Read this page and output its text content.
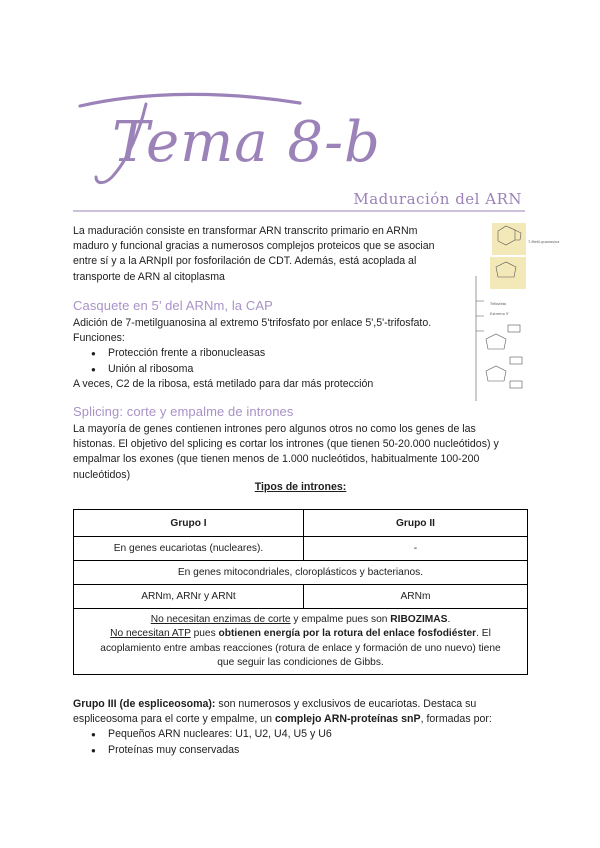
Tema 8-b
Maduración del ARN

La maduración consiste en transformar ARN transcrito primario en ARNm

maduro y funcional gracias a numerosos complejos proteicos que se asocian

entre sí y a la ARNpII por fosforilación de CDT. Además, está acoplada al

transporte de ARN al citoplasma

7-Metil-guanosina
Trifosfato
Extremo 5'
Casquete en 5’ del ARNm, la CAP

Adición de 7-metilguanosina al extremo 5'trifosfato por enlace 5',5'-trifosfato.

Funciones:

● Protección frente a ribonucleasas
● Unión al ribosoma

A veces, C2 de la ribosa, está metilado para dar más protección

Splicing: corte y empalme de intrones

La mayoría de genes contienen intrones pero algunos otros no como los genes de las

histonas. El objetivo del splicing es cortar los intrones (que tienen 50-20.000 nucleótidos) y

empalmar los exones (que tienen menos de 1.000 nucleótidos, habitualmente 100-200

nucleótidos)

Tipos de intrones:
Grupo I	Grupo II
En genes eucariotas (nucleares).	-
En genes mitocondriales, cloroplásticos y bacterianos.	
ARNm, ARNr y ARNt	ARNm

No necesitan enzimas de corte y empalme pues son RIBOZIMAS.
No necesitan ATP pues obtienen energía por la rotura del enlace fosfodiéster. El
acoplamiento entre ambas reacciones (rotura de enlace y formación de uno nuevo) tiene
que seguir las condiciones de Gibbs.	

Grupo III (de espliceosoma): son numerosos y exclusivos de eucariotas. Destaca su

espliceosoma para el corte y empalme, un complejo ARN-proteínas snP, formadas por:

● Pequeños ARN nucleares: U1, U2, U4, U5 y U6
● Proteínas muy conservadas
